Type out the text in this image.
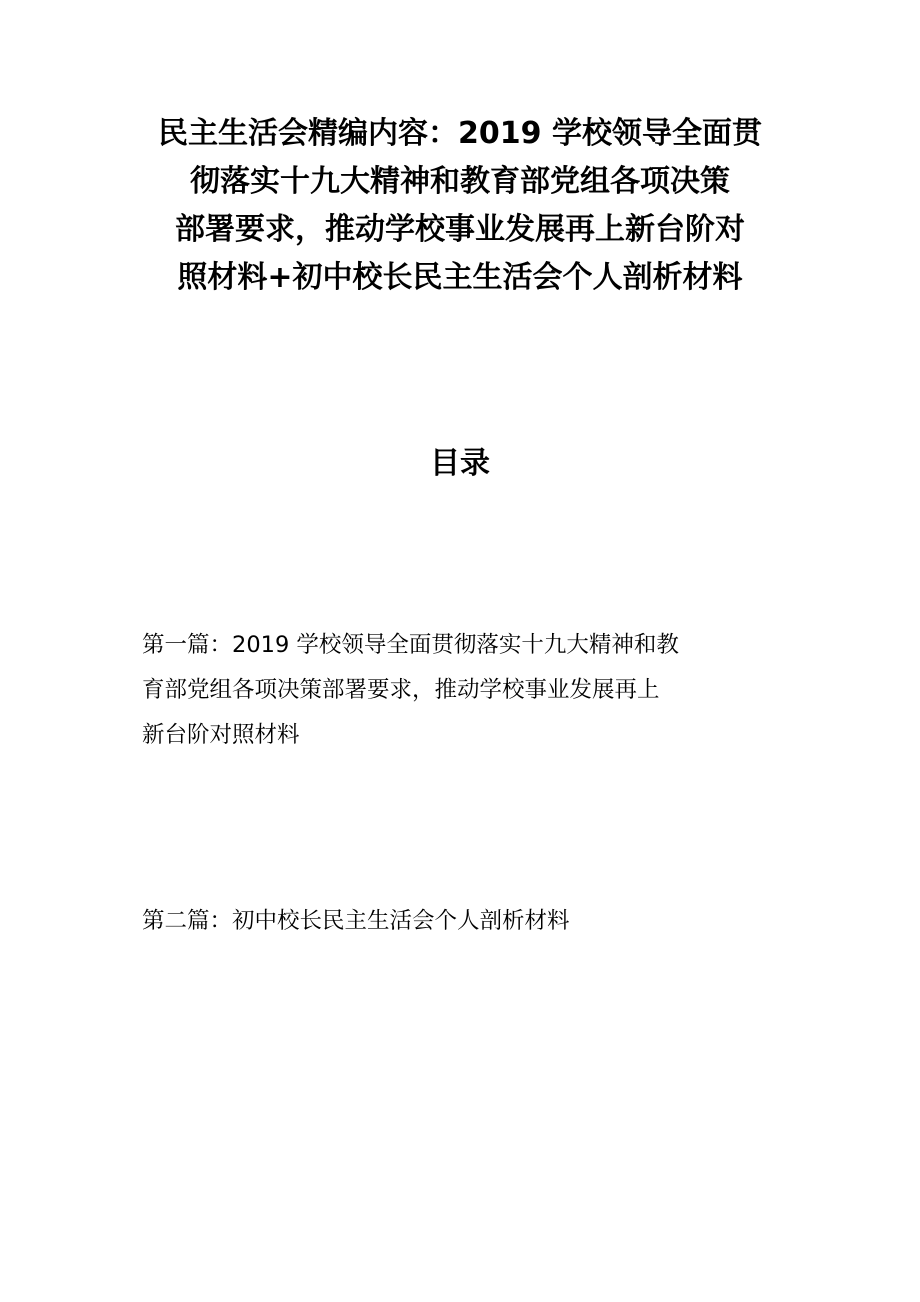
民主生活会精编内容：2019 学校领导全面贯
彻落实十九大精神和教育部党组各项决策
部署要求，推动学校事业发展再上新台阶对
照材料+初中校长民主生活会个人剖析材料
目录

第一篇：2019 学校领导全面贯彻落实十九大精神和教
育部党组各项决策部署要求，推动学校事业发展再上
新台阶对照材料

第二篇：初中校长民主生活会个人剖析材料
